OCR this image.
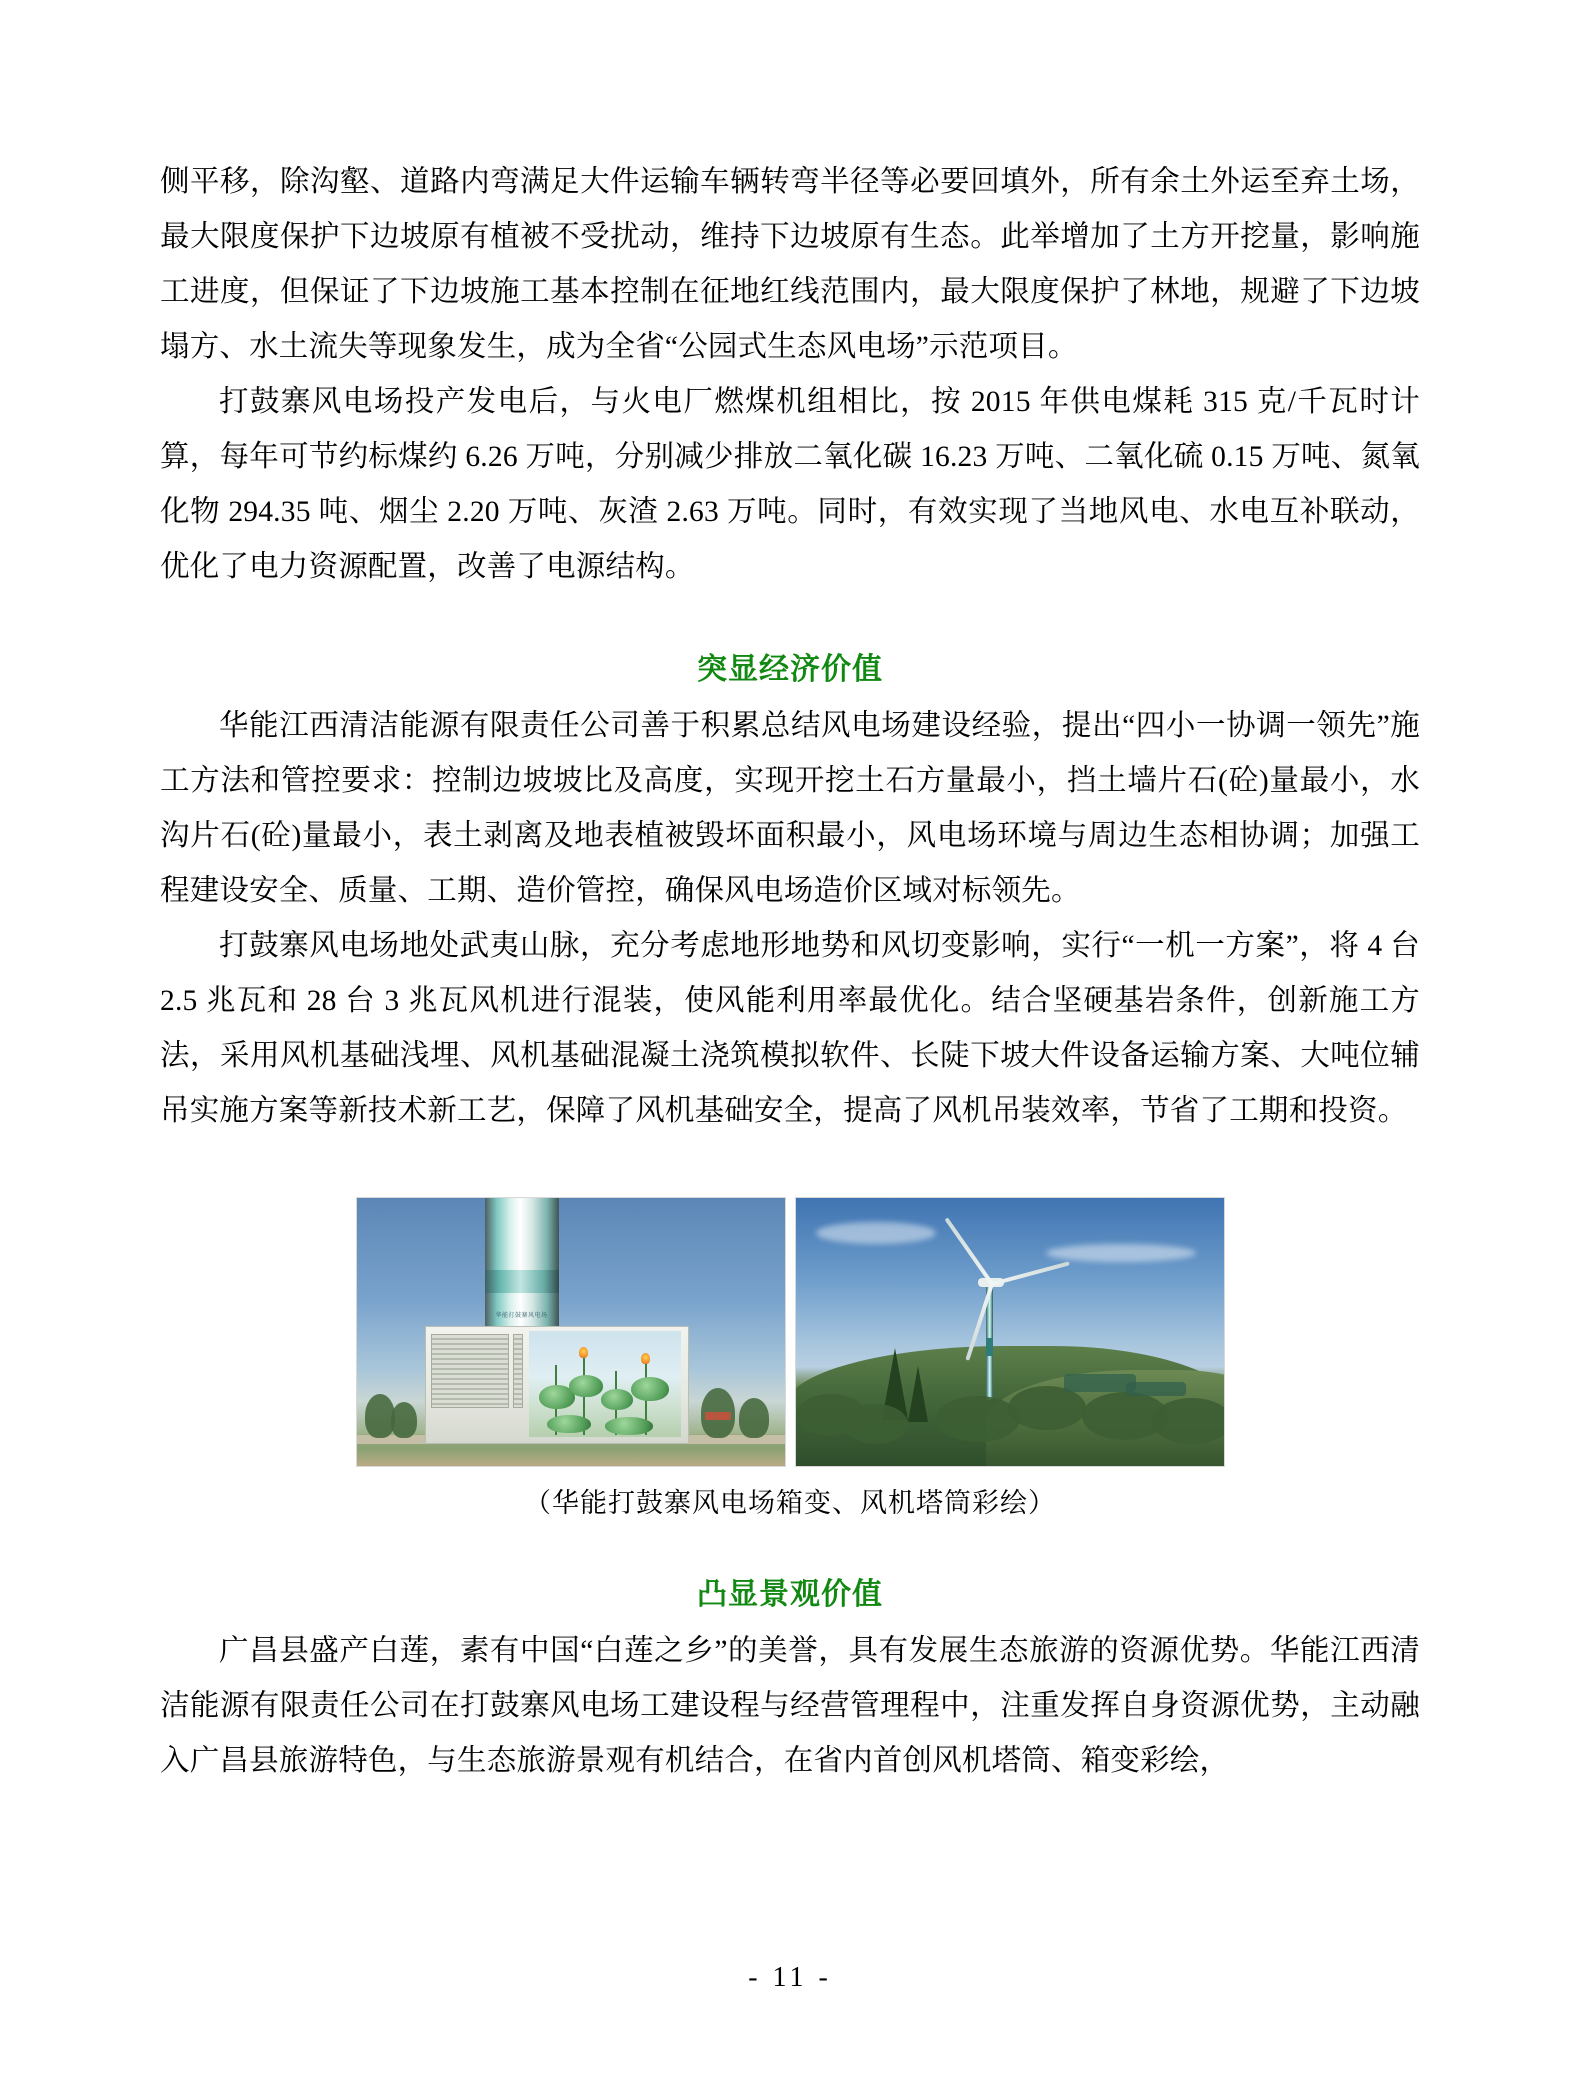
侧平移，除沟壑、道路内弯满足大件运输车辆转弯半径等必要回填外，所有余土外运至弃土场，最大限度保护下边坡原有植被不受扰动，维持下边坡原有生态。此举增加了土方开挖量，影响施工进度，但保证了下边坡施工基本控制在征地红线范围内，最大限度保护了林地，规避了下边坡塌方、水土流失等现象发生，成为全省“公园式生态风电场”示范项目。

打鼓寨风电场投产发电后，与火电厂燃煤机组相比，按 2015 年供电煤耗 315 克/千瓦时计算，每年可节约标煤约 6.26 万吨，分别减少排放二氧化碳 16.23 万吨、二氧化硫 0.15 万吨、氮氧化物 294.35 吨、烟尘 2.20 万吨、灰渣 2.63 万吨。同时，有效实现了当地风电、水电互补联动，优化了电力资源配置，改善了电源结构。

突显经济价值

华能江西清洁能源有限责任公司善于积累总结风电场建设经验，提出“四小一协调一领先”施工方法和管控要求：控制边坡坡比及高度，实现开挖土石方量最小，挡土墙片石(砼)量最小，水沟片石(砼)量最小，表土剥离及地表植被毁坏面积最小，风电场环境与周边生态相协调；加强工程建设安全、质量、工期、造价管控，确保风电场造价区域对标领先。

打鼓寨风电场地处武夷山脉，充分考虑地形地势和风切变影响，实行“一机一方案”，将 4 台 2.5 兆瓦和 28 台 3 兆瓦风机进行混装，使风能利用率最优化。结合坚硬基岩条件，创新施工方法，采用风机基础浅埋、风机基础混凝土浇筑模拟软件、长陡下坡大件设备运输方案、大吨位辅吊实施方案等新技术新工艺，保障了风机基础安全，提高了风机吊装效率，节省了工期和投资。

华能打鼓寨风电场
（华能打鼓寨风电场箱变、风机塔筒彩绘）
凸显景观价值

广昌县盛产白莲，素有中国“白莲之乡”的美誉，具有发展生态旅游的资源优势。华能江西清洁能源有限责任公司在打鼓寨风电场工建设程与经营管理程中，注重发挥自身资源优势，主动融入广昌县旅游特色，与生态旅游景观有机结合，在省内首创风机塔筒、箱变彩绘，

- 11 -
